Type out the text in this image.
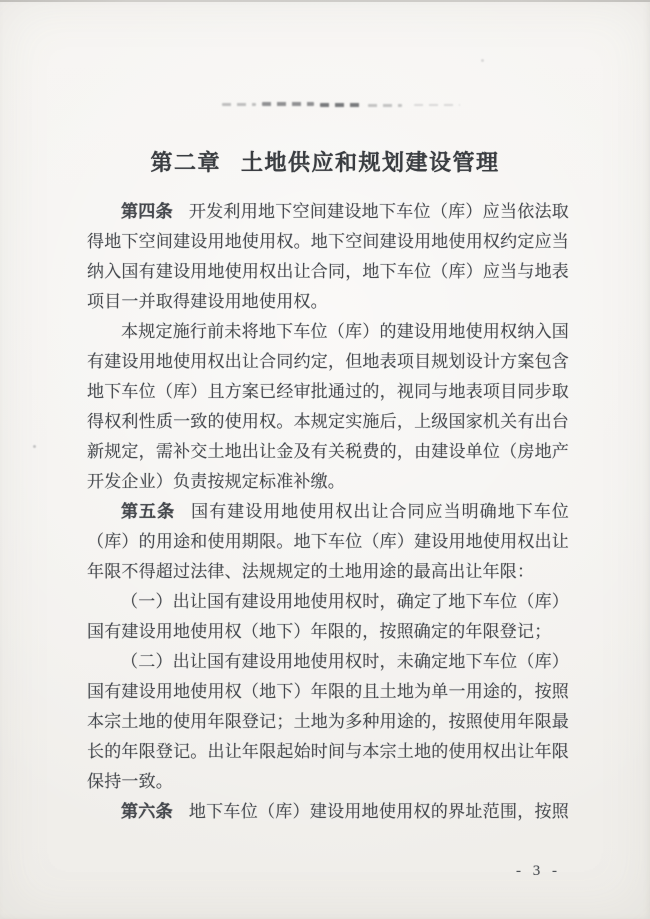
第二章 土地供应和规划建设管理
第四条 开发利用地下空间建设地下车位（库）应当依法取
得地下空间建设用地使用权。地下空间建设用地使用权约定应当
纳入国有建设用地使用权出让合同，地下车位（库）应当与地表
项目一并取得建设用地使用权。
本规定施行前未将地下车位（库）的建设用地使用权纳入国
有建设用地使用权出让合同约定，但地表项目规划设计方案包含
地下车位（库）且方案已经审批通过的，视同与地表项目同步取
得权利性质一致的使用权。本规定实施后，上级国家机关有出台
新规定，需补交土地出让金及有关税费的，由建设单位（房地产
开发企业）负责按规定标准补缴。
第五条 国有建设用地使用权出让合同应当明确地下车位
（库）的用途和使用期限。地下车位（库）建设用地使用权出让
年限不得超过法律、法规规定的土地用途的最高出让年限：
（一）出让国有建设用地使用权时，确定了地下车位（库）
国有建设用地使用权（地下）年限的，按照确定的年限登记；
（二）出让国有建设用地使用权时，未确定地下车位（库）
国有建设用地使用权（地下）年限的且土地为单一用途的，按照
本宗土地的使用年限登记；土地为多种用途的，按照使用年限最
长的年限登记。出让年限起始时间与本宗土地的使用权出让年限
保持一致。
第六条 地下车位（库）建设用地使用权的界址范围，按照
- 3 -
